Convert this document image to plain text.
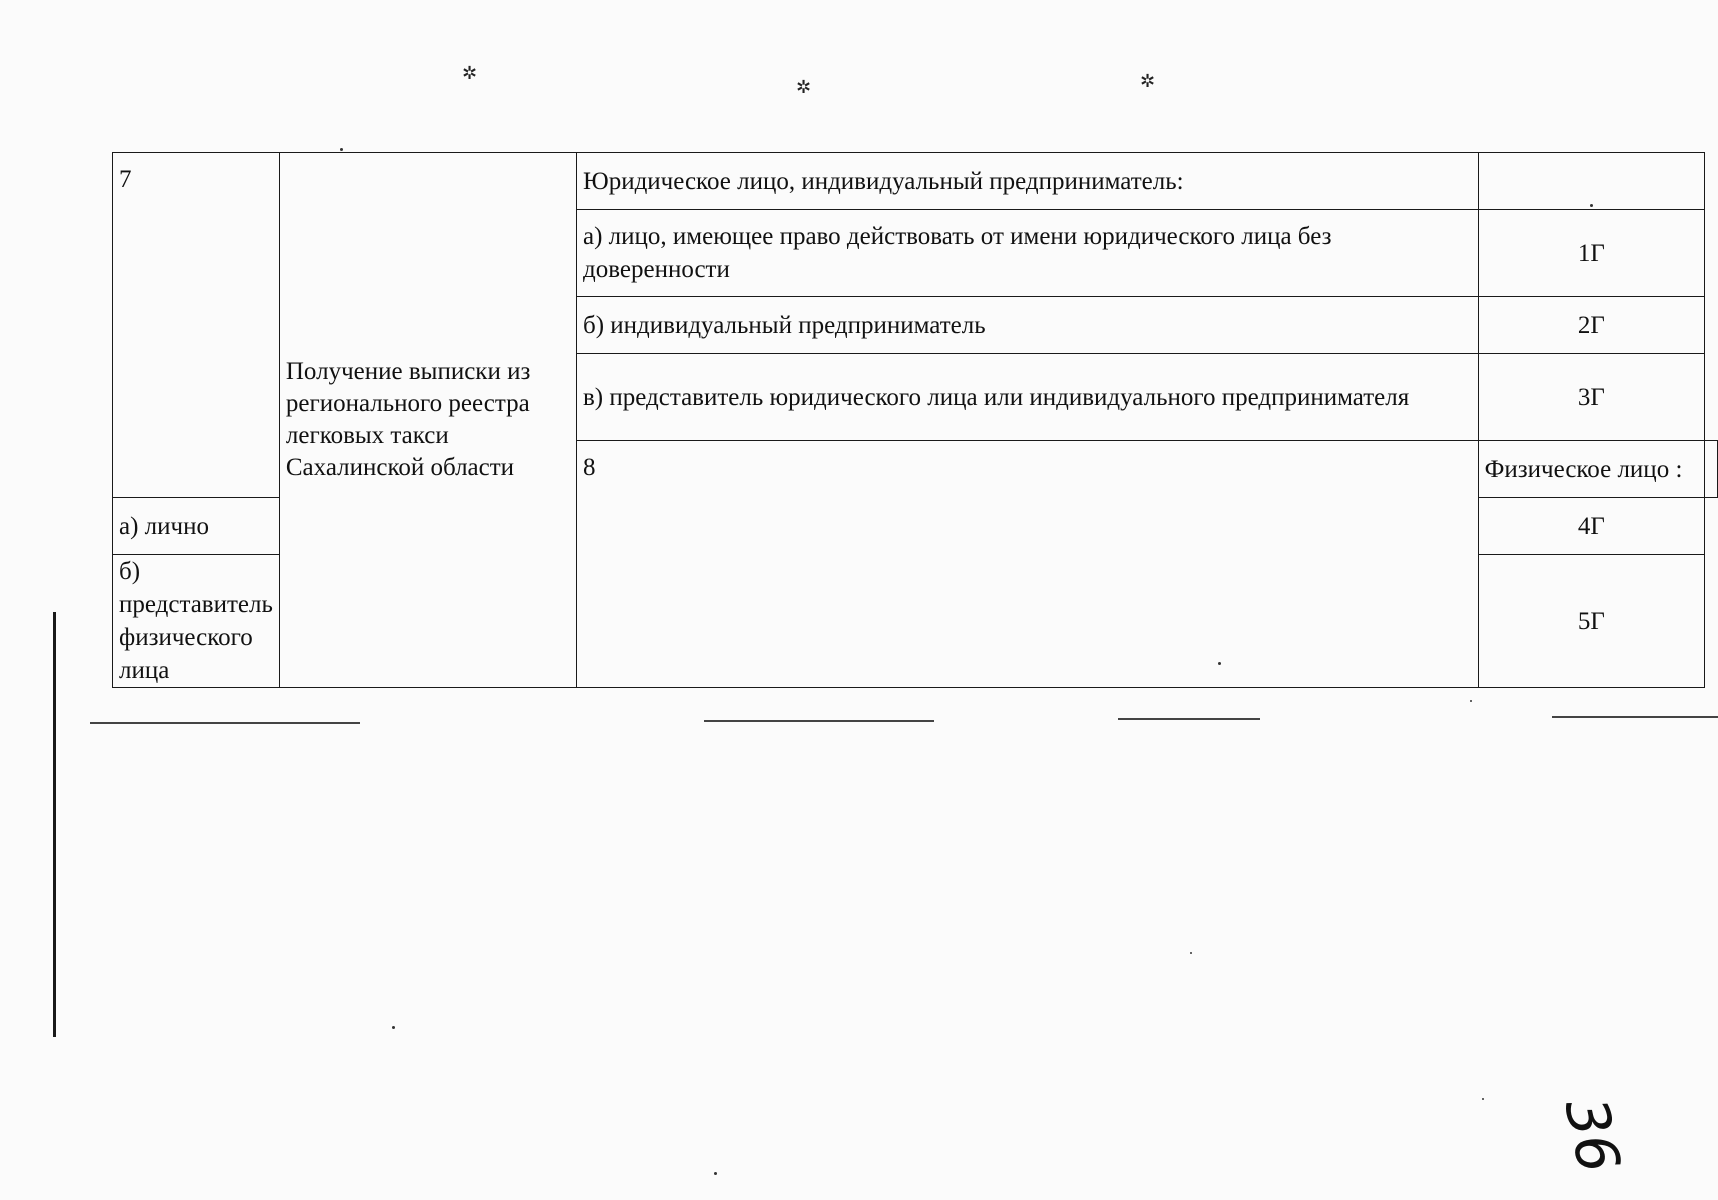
✲
✲	✲
7	Получение выписки из регионального реестра легковых такси Сахалинской области	Юридическое лицо, индивидуальный предприниматель:		
		а) лицо, имеющее право действовать от имени юридического лица без доверенности	1Г	
		б) индивидуальный предприниматель	2Г	
		в) представитель юридического лица или индивидуального предпринимателя	3Г	
		8	Физическое лицо :	
а) лично			4Г	
б) представитель физического лица			5Г	
36
